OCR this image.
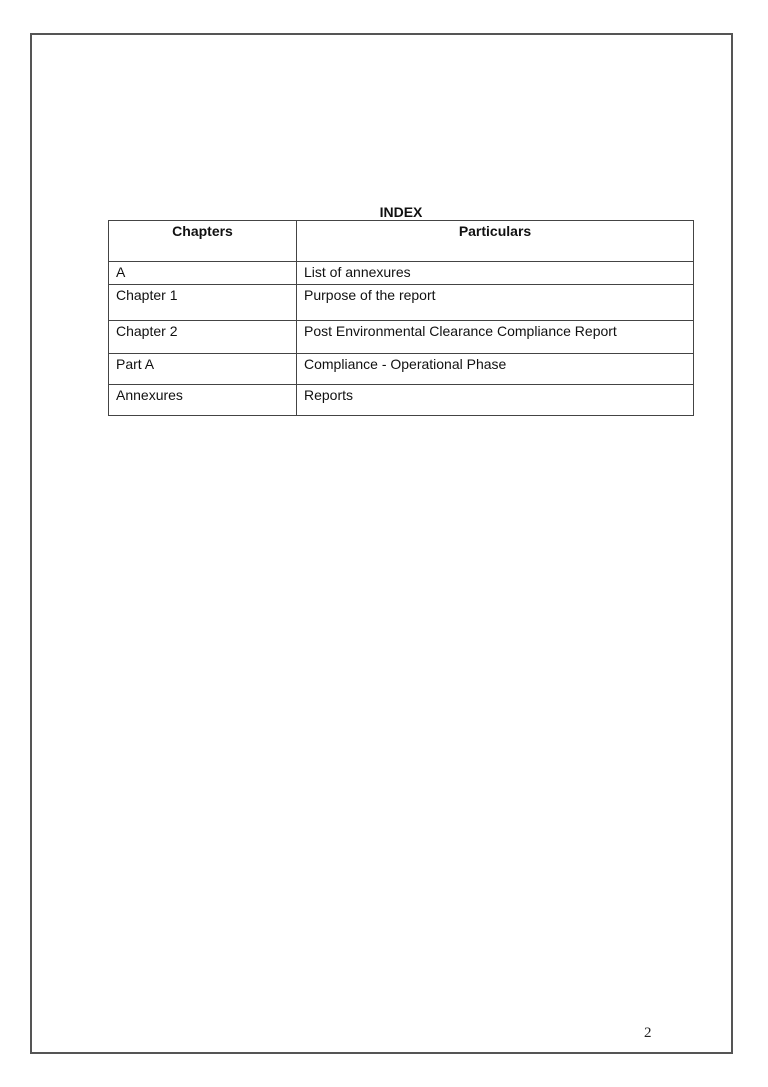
INDEX
Chapters	Particulars
A	List of annexures
Chapter 1	Purpose of the report
Chapter 2	Post Environmental Clearance Compliance Report
Part A	Compliance - Operational Phase
Annexures	Reports
2
